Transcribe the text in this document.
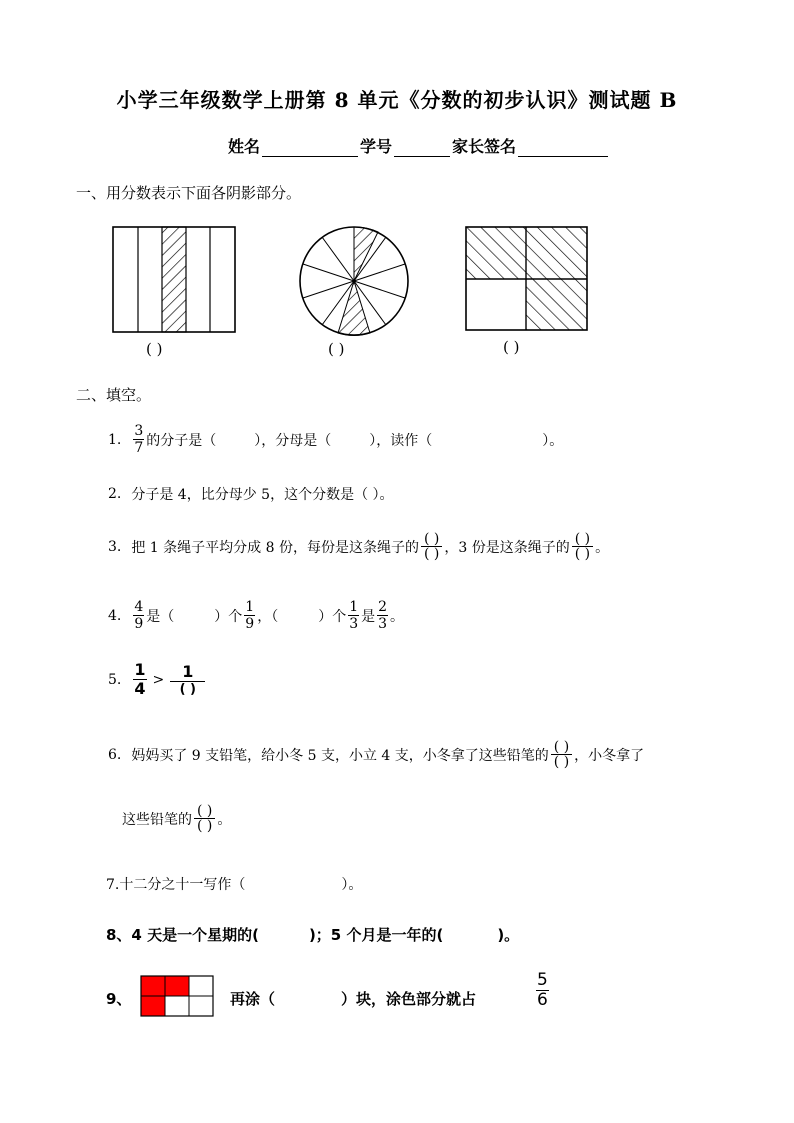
小学三年级数学上册第 8 单元《分数的初步认识》测试题 B
姓名	学号	家长签名
一、用分数表示下面各阴影部分。
( )	( )	( )
二、填空。
1. $\frac{3}{7}$ 的分子是（	），分母是（	），读作（	）。
2. 分子是 4，比分母少 5，这个分数是（ ）。
3. 把 1 条绳子平均分成 8 份，每份是这条绳子的 $\frac{( )}{( )}$ ，3 份是这条绳子的 $\frac{( )}{( )}$ 。
4. $\frac{4}{9}$ 是（	）个 $\frac{1}{9}$ ，（	）个 $\frac{1}{3}$ 是 $\frac{2}{3}$ 。
5. $\frac{1}{4} > \frac{1}{( )}$
6. 妈妈买了 9 支铅笔，给小冬 5 支，小立 4 支，小冬拿了这些铅笔的 $\frac{( )}{( )}$ ，小冬拿了
这些铅笔的 $\frac{( )}{( )}$ 。
7.十二分之十一写作（	）。
8、4 天是一个星期的(	)；5 个月是一年的(	)。
9、	再涂（	）块，涂色部分就占	$\frac{5}{6}$
